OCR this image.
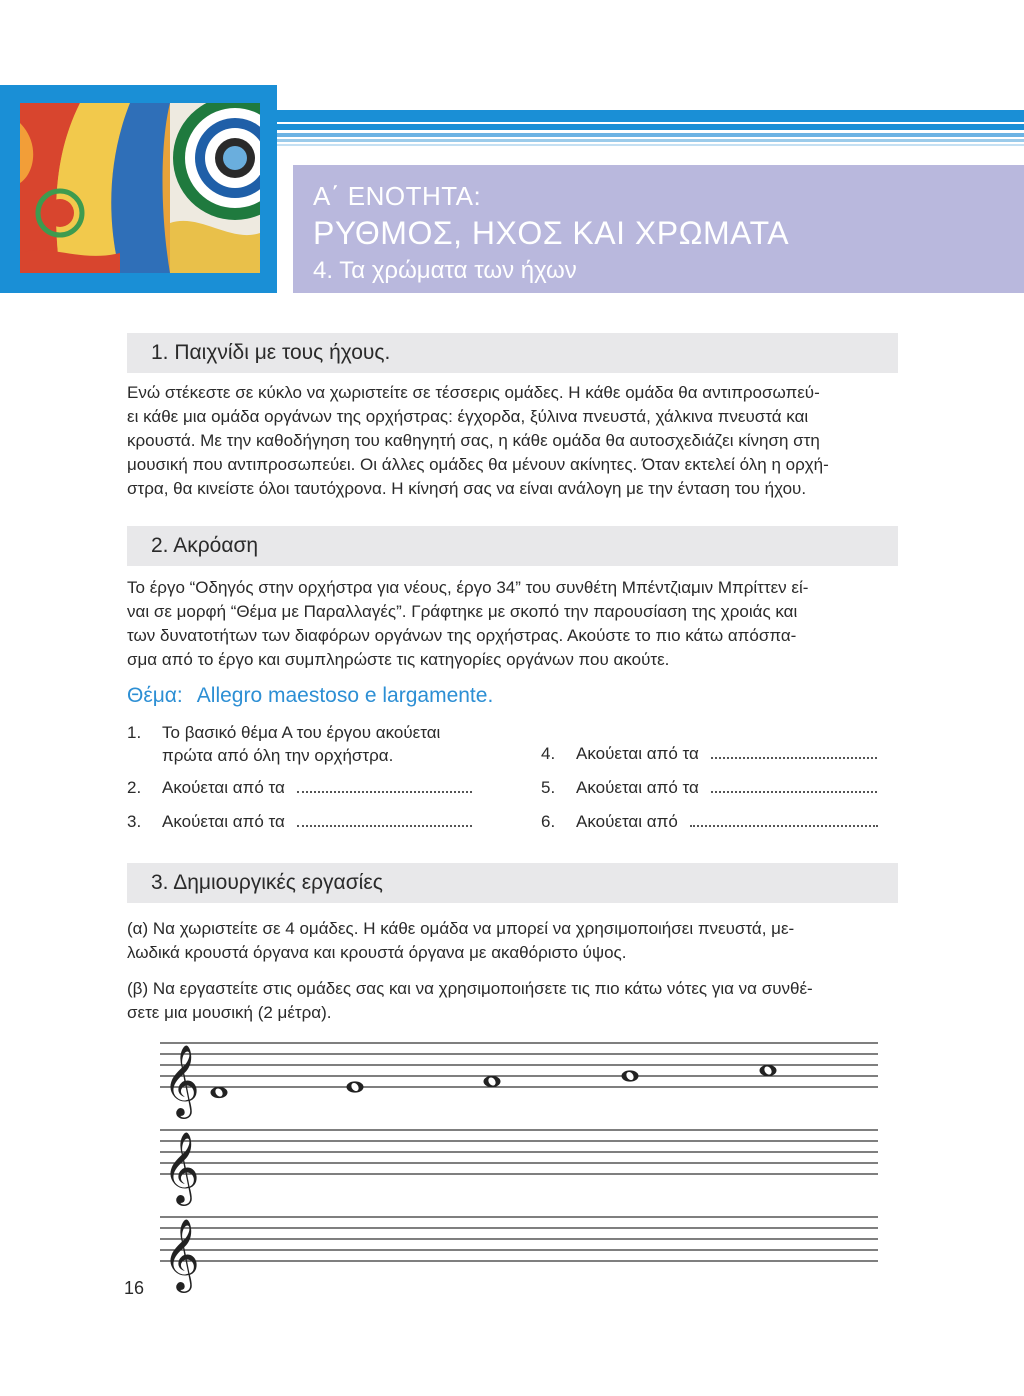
Α΄ ΕΝΟΤΗΤΑ:
ΡΥΘΜΟΣ, ΗΧΟΣ ΚΑΙ ΧΡΩΜΑΤΑ
4. Τα χρώματα των ήχων
1. Παιχνίδι με τους ήχους.
Ενώ στέκεστε σε κύκλο να χωριστείτε σε τέσσερις ομάδες. Η κάθε ομάδα θα αντιπροσωπεύ-
ει κάθε μια ομάδα οργάνων της ορχήστρας: έγχορδα, ξύλινα πνευστά, χάλκινα πνευστά και
κρουστά. Με την καθοδήγηση του καθηγητή σας, η κάθε ομάδα θα αυτοσχεδιάζει κίνηση στη
μουσική που αντιπροσωπεύει. Οι άλλες ομάδες θα μένουν ακίνητες. Όταν εκτελεί όλη η ορχή-
στρα, θα κινείστε όλοι ταυτόχρονα. Η κίνησή σας να είναι ανάλογη με την ένταση του ήχου.
2. Ακρόαση
Το έργο “Οδηγός στην ορχήστρα για νέους, έργο 34” του συνθέτη Μπέντζιαμιν Μπρίττεν εί-
ναι σε μορφή “Θέμα με Παραλλαγές”. Γράφτηκε με σκοπό την παρουσίαση της χροιάς και
των δυνατοτήτων των διαφόρων οργάνων της ορχήστρας. Ακούστε το πιο κάτω απόσπα-
σμα από το έργο και συμπληρώστε τις κατηγορίες οργάνων που ακούτε.
Θέμα: Allegro maestoso e largamente.
1. Το βασικό θέμα Α του έργου ακούεται
πρώτα από όλη την ορχήστρα.
2. Ακούεται από τα
3. Ακούεται από τα
4. Ακούεται από τα
5. Ακούεται από τα
6. Ακούεται από
3. Δημιουργικές εργασίες
(α) Να χωριστείτε σε 4 ομάδες. Η κάθε ομάδα να μπορεί να χρησιμοποιήσει πνευστά, με-
λωδικά κρουστά όργανα και κρουστά όργανα με ακαθόριστο ύψος.
(β) Να εργαστείτε στις ομάδες σας και να χρησιμοποιήσετε τις πιο κάτω νότες για να συνθέ-
σετε μια μουσική (2 μέτρα).
𝄞
𝄞
𝄞
16
